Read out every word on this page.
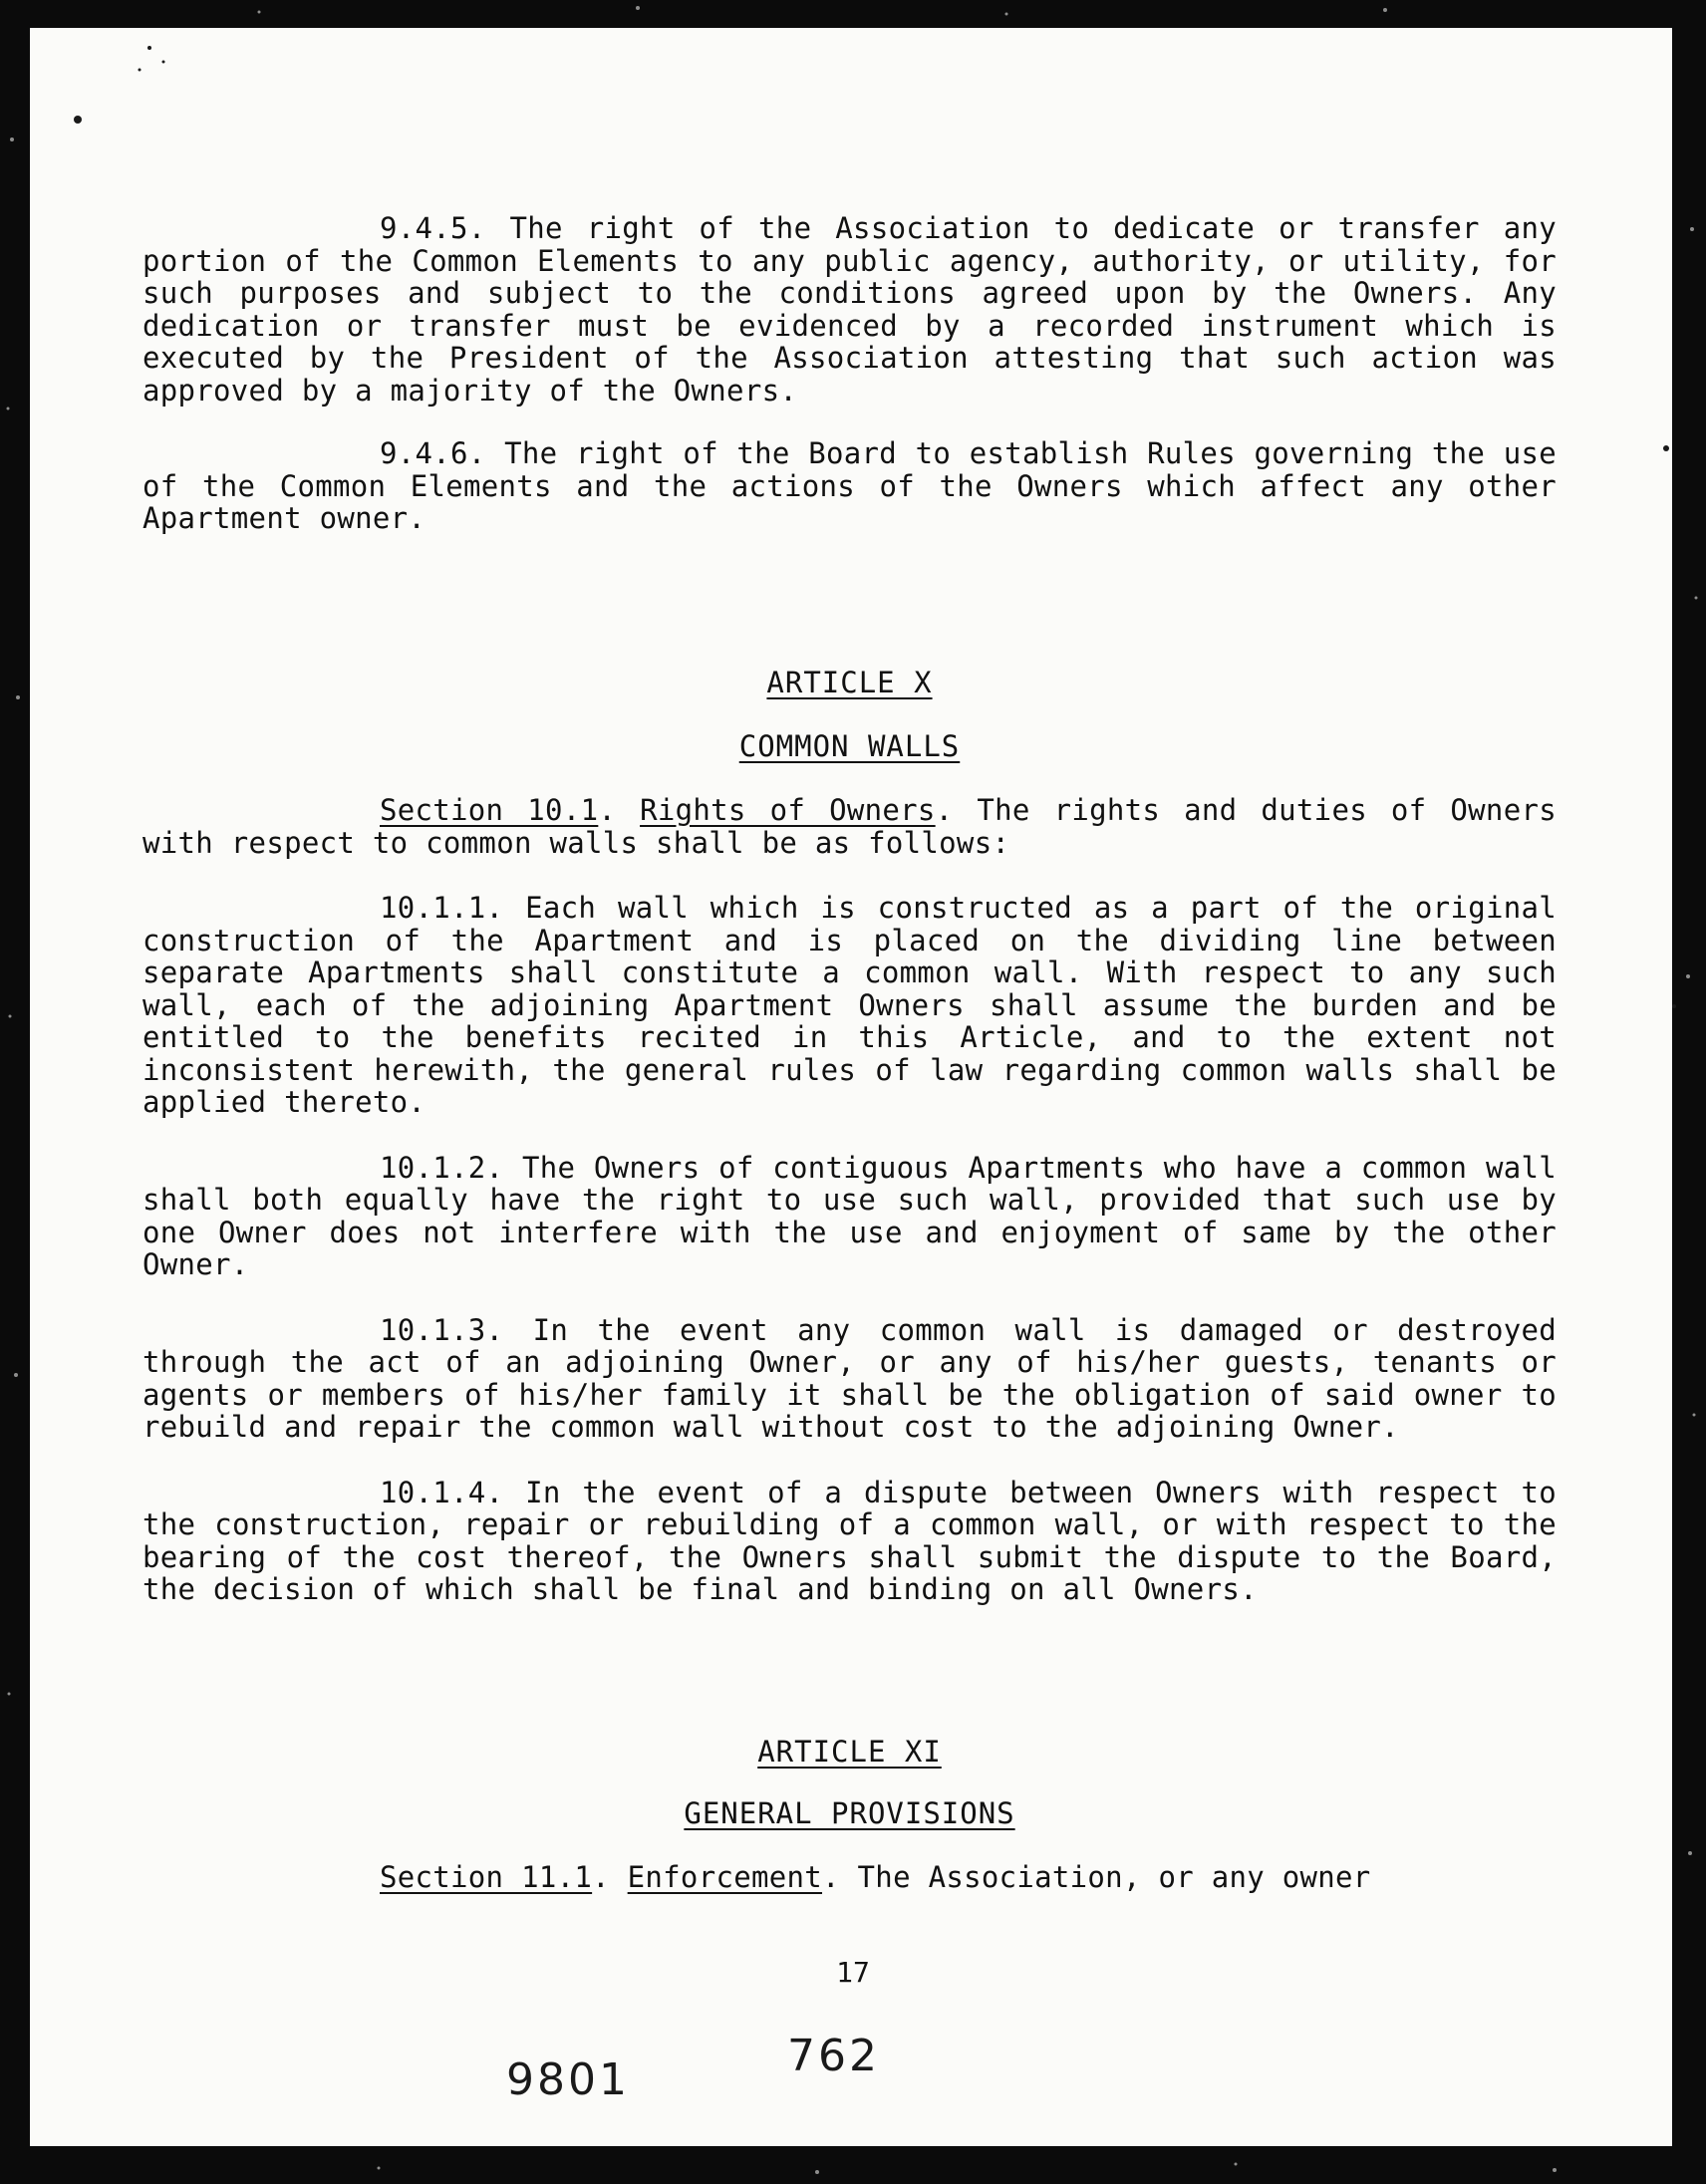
9.4.5. The right of the Association to dedicate or transfer any portion of the Common Elements to any public agency, authority, or utility, for such purposes and subject to the conditions agreed upon by the Owners. Any dedication or transfer must be evidenced by a recorded instrument which is executed by the President of the Association attesting that such action was approved by a majority of the Owners.

9.4.6. The right of the Board to establish Rules governing the use of the Common Elements and the actions of the Owners which affect any other Apartment owner.

ARTICLE X
COMMON WALLS

Section 10.1. Rights of Owners. The rights and duties of Owners with respect to common walls shall be as follows:

10.1.1. Each wall which is constructed as a part of the original construction of the Apartment and is placed on the dividing line between separate Apartments shall constitute a common wall. With respect to any such wall, each of the adjoining Apartment Owners shall assume the burden and be entitled to the benefits recited in this Article, and to the extent not inconsistent herewith, the general rules of law regarding common walls shall be applied thereto.

10.1.2. The Owners of contiguous Apartments who have a common wall shall both equally have the right to use such wall, provided that such use by one Owner does not interfere with the use and enjoyment of same by the other Owner.

10.1.3. In the event any common wall is damaged or destroyed through the act of an adjoining Owner, or any of his/her guests, tenants or agents or members of his/her family it shall be the obligation of said owner to rebuild and repair the common wall without cost to the adjoining Owner.

10.1.4. In the event of a dispute between Owners with respect to the construction, repair or rebuilding of a common wall, or with respect to the bearing of the cost thereof, the Owners shall submit the dispute to the Board, the decision of which shall be final and binding on all Owners.

ARTICLE XI
GENERAL PROVISIONS

Section 11.1. Enforcement. The Association, or any owner

17
9801	762
